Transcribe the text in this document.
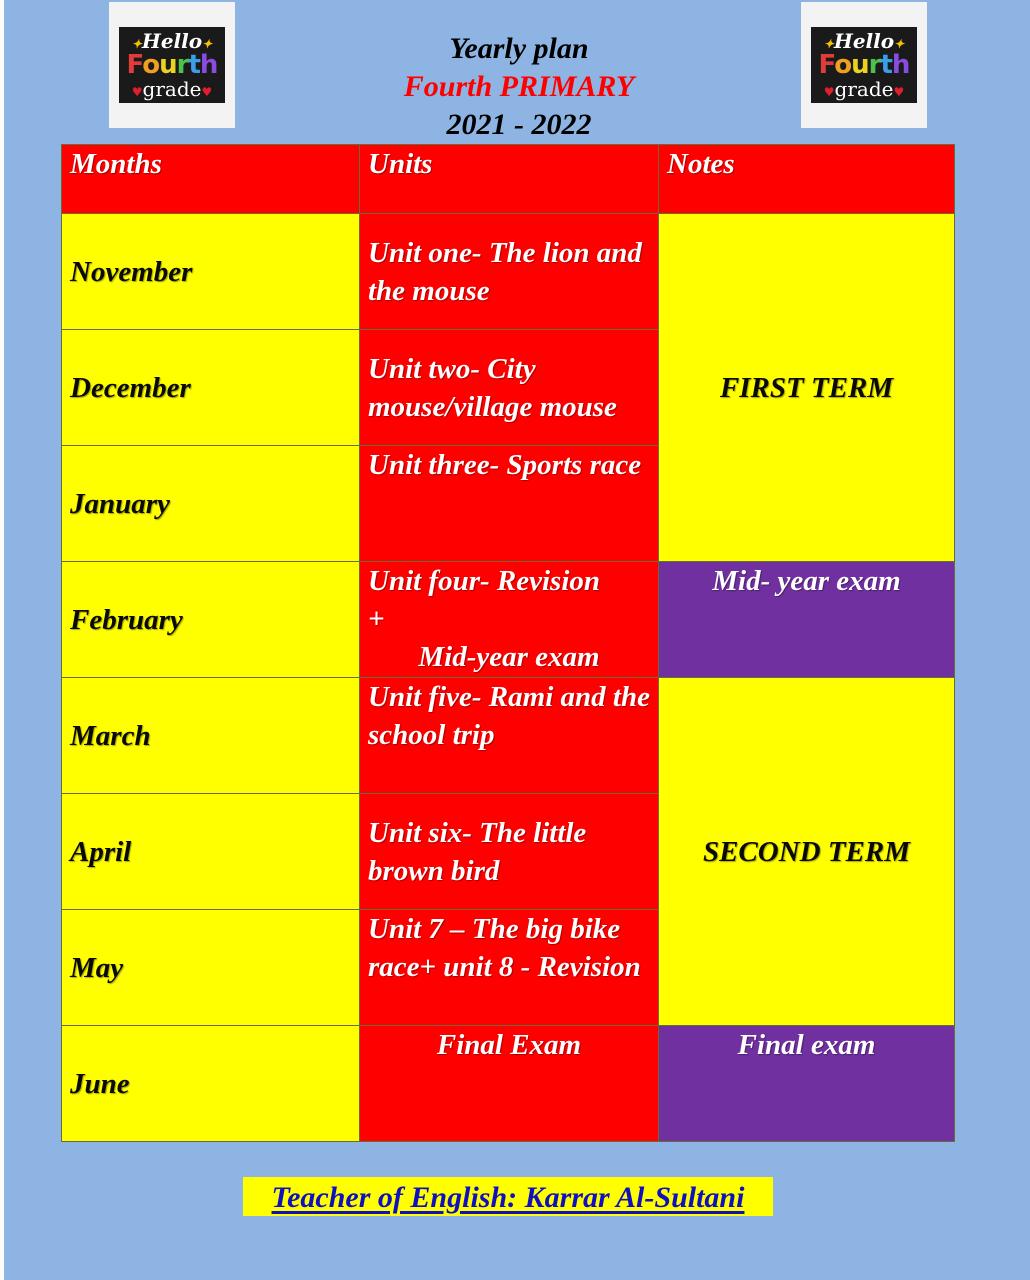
✦Hello✦
Fourth
♥grade♥
✦Hello✦
Fourth
♥grade♥
Yearly plan
Fourth PRIMARY
2021 - 2022
Months	Units	Notes
November	Unit one- The lion and the mouse	FIRST TERM
December	Unit two- City mouse/village mouse	
January	Unit three- Sports race	
February	Unit four- Revision
+
Mid-year exam	Mid- year exam
March	Unit five- Rami and the school trip	SECOND TERM
April	Unit six- The little brown bird	
May	Unit 7 – The big bike race+ unit 8 - Revision	
June	Final Exam	Final exam
Teacher of English: Karrar Al-Sultani
